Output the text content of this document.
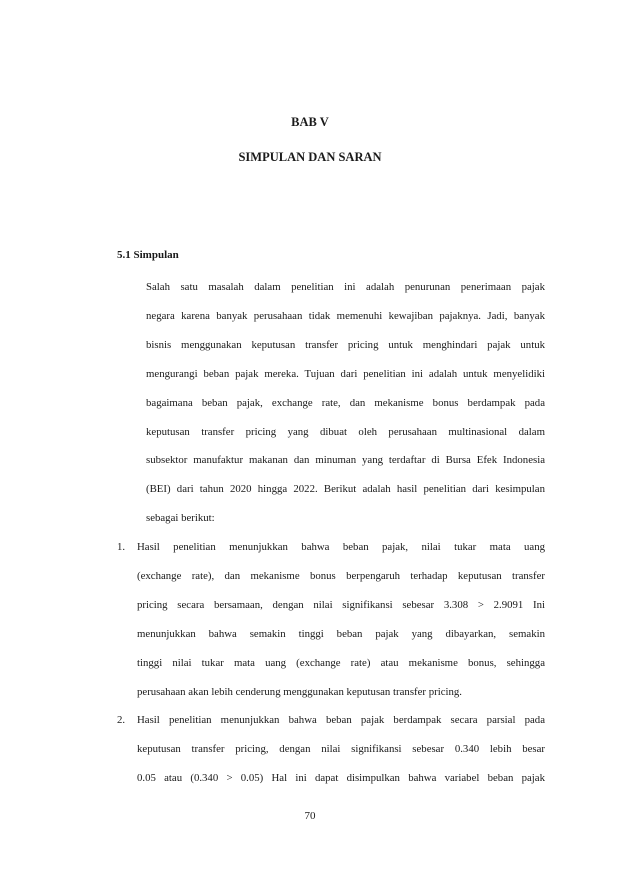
BAB V
SIMPULAN DAN SARAN
5.1 Simpulan
Salah satu masalah dalam penelitian ini adalah penurunan penerimaan pajak
negara karena banyak perusahaan tidak memenuhi kewajiban pajaknya. Jadi, banyak
bisnis menggunakan keputusan transfer pricing untuk menghindari pajak untuk
mengurangi beban pajak mereka. Tujuan dari penelitian ini adalah untuk menyelidiki
bagaimana beban pajak, exchange rate, dan mekanisme bonus berdampak pada
keputusan transfer pricing yang dibuat oleh perusahaan multinasional dalam
subsektor manufaktur makanan dan minuman yang terdaftar di Bursa Efek Indonesia
(BEI) dari tahun 2020 hingga 2022. Berikut adalah hasil penelitian dari kesimpulan
sebagai berikut:
1. Hasil penelitian menunjukkan bahwa beban pajak, nilai tukar mata uang
(exchange rate), dan mekanisme bonus berpengaruh terhadap keputusan transfer
pricing secara bersamaan, dengan nilai signifikansi sebesar 3.308 > 2.9091 Ini
menunjukkan bahwa semakin tinggi beban pajak yang dibayarkan, semakin
tinggi nilai tukar mata uang (exchange rate) atau mekanisme bonus, sehingga
perusahaan akan lebih cenderung menggunakan keputusan transfer pricing.
2. Hasil penelitian menunjukkan bahwa beban pajak berdampak secara parsial pada
keputusan transfer pricing, dengan nilai signifikansi sebesar 0.340 lebih besar
0.05 atau (0.340 > 0.05) Hal ini dapat disimpulkan bahwa variabel beban pajak
70
